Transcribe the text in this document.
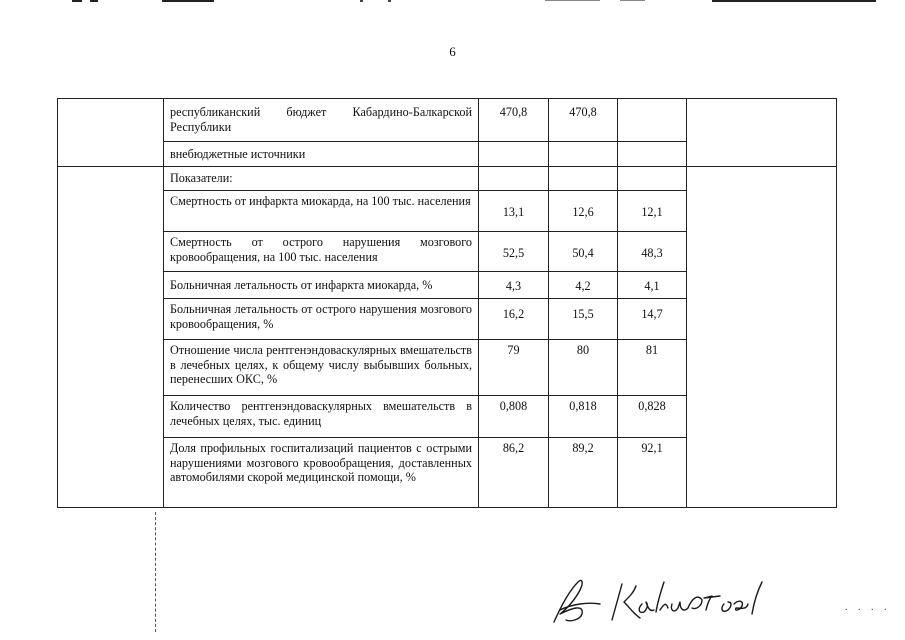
6
	республиканский бюджет Кабардино-Балкарской Республики	470,8	470,8		
	внебюджетные источники				
	Показатели:				
	Смертность от инфаркта миокарда, на 100 тыс. населения	13,1	12,6	12,1	
	Смертность от острого нарушения мозгового кровообращения, на 100 тыс. населения	52,5	50,4	48,3	
	Больничная летальность от инфаркта миокарда, %	4,3	4,2	4,1	
	Больничная летальность от острого нарушения мозгового кровообращения, %	16,2	15,5	14,7	
	Отношение числа рентгенэндоваскулярных вмешательств в лечебных целях, к общему числу выбывших больных, перенесших ОКС, %	79	80	81	
	Количество рентгенэндоваскулярных вмешательств в лечебных целях, тыс. единиц	0,808	0,818	0,828	
	Доля профильных госпитализаций пациентов с острыми нарушениями мозгового кровообращения, доставленных автомобилями скорой медицинской помощи, %	86,2	89,2	92,1	
. . . .
